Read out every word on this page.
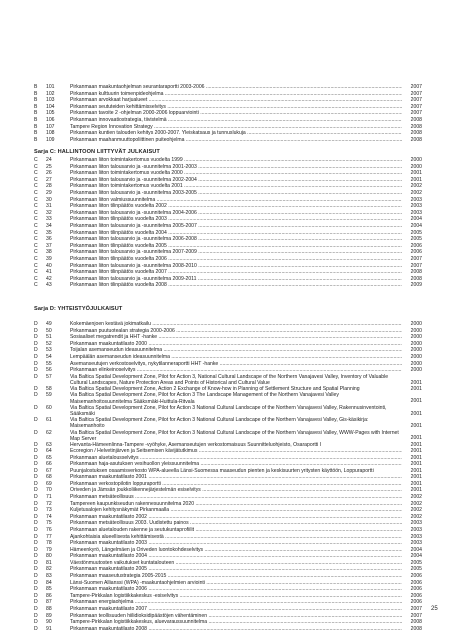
B	101	Pirkanmaan maakuntaohjelman seurantaraportti 2003-2006 .....	2007
B	102	Pirkanmaan kulttuurin toimenpideohjelma .....	2007
B	103	Pirkanmaan arvokkaat harjualueet .....	2007
B	104	Pirkanmaan seututeiden kehittämisselvitys .....	2007
B	105	Pirkanmaan tavoite 2 -ohjelman 2000-2006 loppuarviointi .....	2007
B	106	Pirkanmaan innovaatiostrategia, tiivistelmä .....	2008
B	107	Tampere Region Innovation Strategy .....	2008
B	108	Pirkanmaan kuntien talouden kehitys 2000-2007. Yleiskatsaus ja tunnuslukuja .....	2008
B	109	Pirkanmaan maahanmuuttopoliittinen puiteohjelma .....	2008
Sarja C: HALLINTOON LIITTYVÄT JULKAISUT
C	24	Pirkanmaan liiton toimintakertomus vuodelta 1999 .....	2000
C	25	Pirkanmaan liiton talousarvio ja -suunnitelma 2001-2003 .....	2000
C	26	Pirkanmaan liiton toimintakertomus vuodelta 2000 .....	2001
C	27	Pirkanmaan liiton talousarvio ja -suunnitelma 2002-2004 .....	2001
C	28	Pirkanmaan liiton toimintakertomus vuodelta 2001 .....	2002
C	29	Pirkanmaan liiton talousarvio ja -suunnitelma 2003-2005 .....	2002
C	30	Pirkanmaan liiton valmiussuunnitelma .....	2003
C	31	Pirkanmaan liiton tilinpäätös vuodelta 2002 .....	2003
C	32	Pirkanmaan liiton talousarvio ja -suunnitelma 2004-2006 .....	2003
C	33	Pirkanmaan liiton tilinpäätös vuodelta 2003 .....	2004
C	34	Pirkanmaan liiton talousarvio ja -suunnitelma 2005-2007 .....	2004
C	35	Pirkanmaan liiton tilinpäätös vuodelta 2004 .....	2005
C	36	Pirkanmaan liiton talousarvio ja -suunnitelma 2006-2008 .....	2005
C	37	Pirkanmaan liiton tilinpäätös vuodelta 2005 .....	2006
C	38	Pirkanmaan liiton talousarvio ja -suunnitelma 2007-2009 .....	2006
C	39	Pirkanmaan liiton tilinpäätös vuodelta 2006 .....	2007
C	40	Pirkanmaan liiton talousarvio ja -suunnitelma 2008-2010 .....	2007
C	41	Pirkanmaan liiton tilinpäätös vuodelta 2007 .....	2008
C	42	Pirkanmaan liiton talousarvio ja -suunnitelma 2009-2011 .....	2008
C	43	Pirkanmaan liiton tilinpäätös vuodelta 2008 .....	2009
Sarja D: YHTEISTYÖJULKAISUT
D	49	Kokemäenjoen kestävä jokimatkailu .....	2000
D	50	Pirkanmaan puutuotealan strategia 2000-2006 .....	2000
D	51	Sosiaaliset megatrendit ja HHT -hanke .....	2000
D	52	Pirkanmaan maakuntatilasto 2000 .....	2000
D	53	Toijalan asemanseudun ideasuunnitelma .....	2000
D	54	Lempäälän asemanseudun ideasuunnitelma .....	2000
D	55	Asemanseutujen verkostoselvitys, nykytilanneraportti HHT -hanke .....	2000
D	56	Pirkanmaan elinkeinoselvitys .....	2000
D	57	Via Baltica Spatial Development Zone, Pilot for Action 3, National Cultural Landscape of the Northern Vanajavesi Valley, Inventory of Valuable Cultural Landscapes, Nature Protection Areas and Points of Historical and Cultural Value	2001
D	58	Via Baltica Spatial Development Zone, Action 2 Exchange of Know-how in Planning of Settlement Structure and Spatial Planning	2001
D	59	Via Baltica Spatial Development Zone, Pilot for Action 3 The Landscape Management of the Northern Vanajavesi Valley Maisemanhoitosuunnitelma Sääksmäki-Huittula-Ritvala	2001
D	60	Via Baltica Spatial Development Zone, Pilot for Action 3 National Cultural Landscape of the Northern Vanajavesi Valley, Rakennusinventointi, Sääksmäki	2001
D	61	Via Baltica Spatial Development Zone, Pilot for Action 3 National Cultural Landscape of the Northern Vanajavesi Valley, Gis-käsikirja: Maisemanhoito	2001
D	62	Via Baltica Spatial Development Zone, Pilot for Action 3 National Cultural Landscape of the Northern Vanajavesi Valley, WWW-Pages with Internet Map Server	2001
D	63	Hervanta-Hämeenlinna-Tampere -vyöhyke, Asemanseutujen verkostomaisuus Suunnitteluohjeisto, Osaraportti I	2001
D	64	Ecoregion / Helvetinjärven ja Seitsemisen kävijätutkimus .....	2001
D	65	Pirkanmaan aluetalousselvitys .....	2001
D	66	Pirkanmaan haja-asutuksen vesihuollon yleissuunnitelma .....	2001
D	67	Puunjalostuksen osaamisverkosto WPA-alueella Länsi-Suomessa maaseudun pienten ja keskisuurten yritysten käyttöön, Loppuraportti	2001
D	68	Pirkanmaan maakuntatilasto 2001 .....	2001
D	69	Pirkanmaan verkostopilotin loppuraportti .....	2001
D	70	Oriveden ja Jämsän joukkoliikennejärjestelmän esiselvitys .....	2001
D	71	Pirkanmaan metsäteollisuus .....	2002
D	72	Tampereen kaupunkiseudun rakennesuunnitelma 2020 .....	2002
D	73	Kuljetusalojen kehitysnäkymät Pirkanmaalla .....	2002
D	74	Pirkanmaan maakuntatilasto 2002 .....	2002
D	75	Pirkanmaan metsäteollisuus 2003. Uudistettu painos .....	2003
D	76	Pirkanmaan aluetalouden rakenne ja seutukuntaprofiilit .....	2003
D	77	Ajankohtaisia alueellisesta kehittämisestä .....	2003
D	78	Pirkanmaan maakuntatilasto 2003 .....	2003
D	79	Hämeenkyrö, Längelmäen ja Oriveden luontokohdeselvitys .....	2004
D	80	Pirkanmaan maakuntatilasto 2004 .....	2004
D	81	Väestönmuutosten vaikutukset kuntatalouteen .....	2005
D	82	Pirkanmaan maakuntatilasto 2005 .....	2005
D	83	Pirkanmaan maaseutustrategia 2005-2015 .....	2006
D	84	Länsi-Suomen Allianssi (WPA) -maakuntaohjelmien arviointi .....	2006
D	85	Pirkanmaan maakuntatilasto 2006 .....	2006
D	86	Tampere-Pirkkalan logistiikkakeskus -esiselvitys .....	2006
D	87	Pirkanmaan energiaohjelma .....	2006
D	88	Pirkanmaan maakuntatilasto 2007 .....	2007
D	89	Pirkanmaan teollisuuden hiilidioksidipäästöjen vähentäminen .....	2007
D	90	Tampere-Pirkkalan logistiikkakeskus, aluevaraussuunnitelma .....	2008
D	91	Pirkanmaan maakuntatilasto 2008 .....	2008
25
